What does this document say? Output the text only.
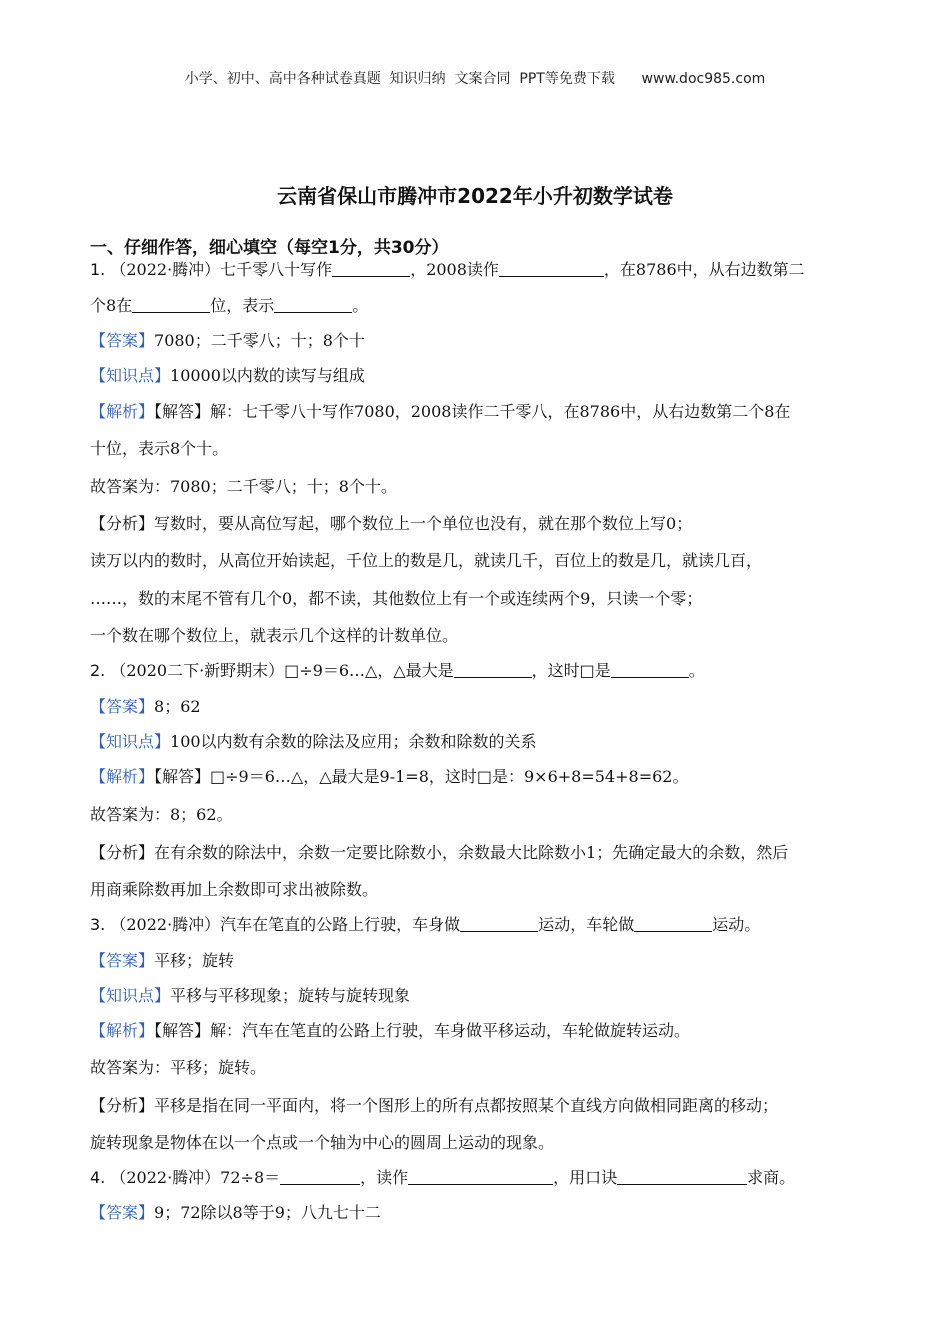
小学、初中、高中各种试卷真题  知识归纳  文案合同  PPT等免费下载      www.doc985.com
云南省保山市腾冲市2022年小升初数学试卷
一、仔细作答，细心填空（每空1分，共30分）
1. （2022·腾冲）七千零八十写作	，2008读作	，在8786中，从右边数第二
个8在	位，表示	。
【答案】7080；二千零八；十；8个十
【知识点】10000以内数的读写与组成
【解析】【解答】解：七千零八十写作7080，2008读作二千零八，在8786中，从右边数第二个8在
十位，表示8个十。
故答案为：7080；二千零八；十；8个十。
【分析】写数时，要从高位写起，哪个数位上一个单位也没有，就在那个数位上写0；
读万以内的数时，从高位开始读起，千位上的数是几，就读几千，百位上的数是几，就读几百，
……，数的末尾不管有几个0，都不读，其他数位上有一个或连续两个9，只读一个零；
一个数在哪个数位上，就表示几个这样的计数单位。
2. （2020二下·新野期末）□÷9＝6…△，△最大是	，这时□是	。
【答案】8；62
【知识点】100以内数有余数的除法及应用；余数和除数的关系
【解析】【解答】□÷9＝6…△，△最大是9-1=8，这时□是：9×6+8=54+8=62。
故答案为：8；62。
【分析】在有余数的除法中，余数一定要比除数小，余数最大比除数小1；先确定最大的余数，然后
用商乘除数再加上余数即可求出被除数。
3. （2022·腾冲）汽车在笔直的公路上行驶，车身做	运动，车轮做	运动。
【答案】平移；旋转
【知识点】平移与平移现象；旋转与旋转现象
【解析】【解答】解：汽车在笔直的公路上行驶，车身做平移运动，车轮做旋转运动。
故答案为：平移；旋转。
【分析】平移是指在同一平面内，将一个图形上的所有点都按照某个直线方向做相同距离的移动；
旋转现象是物体在以一个点或一个轴为中心的圆周上运动的现象。
4. （2022·腾冲）72÷8＝	，读作	，用口诀	求商。
【答案】9；72除以8等于9；八九七十二
